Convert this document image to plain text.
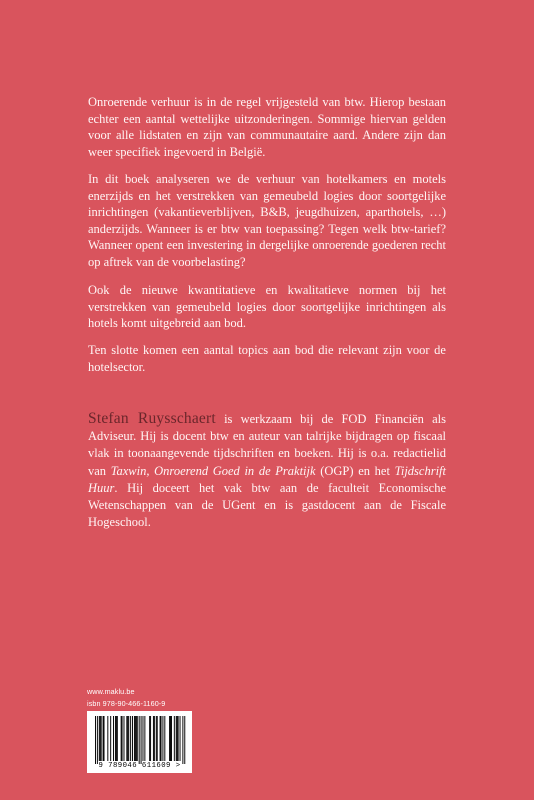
Onroerende verhuur is in de regel vrijgesteld van btw. Hierop bestaan echter een aantal wettelijke uitzonderingen. Sommige hiervan gelden voor alle lidstaten en zijn van communautaire aard. Andere zijn dan weer specifiek ingevoerd in België.

In dit boek analyseren we de verhuur van hotelkamers en motels enerzijds en het verstrekken van gemeubeld logies door soortgelijke inrichtingen (vakantieverblijven, B&B, jeugdhuizen, aparthotels, …) anderzijds. Wanneer is er btw van toepassing? Tegen welk btw-tarief? Wanneer opent een investering in dergelijke onroerende goederen recht op aftrek van de voorbelasting?

Ook de nieuwe kwantitatieve en kwalitatieve normen bij het verstrekken van gemeubeld logies door soortgelijke inrichtingen als hotels komt uitgebreid aan bod.

Ten slotte komen een aantal topics aan bod die relevant zijn voor de hotelsector.

Stefan Ruysschaert is werkzaam bij de FOD Financiën als Adviseur. Hij is docent btw en auteur van talrijke bijdragen op fiscaal vlak in toonaangevende tijdschriften en boeken. Hij is o.a. redactielid van Taxwin, Onroerend Goed in de Praktijk (OGP) en het Tijdschrift Huur. Hij doceert het vak btw aan de faculteit Economische Wetenschappen van de UGent en is gastdocent aan de Fiscale Hogeschool.

www.maklu.be
isbn 978-90-466-1160-9
9 789046 611609 >
